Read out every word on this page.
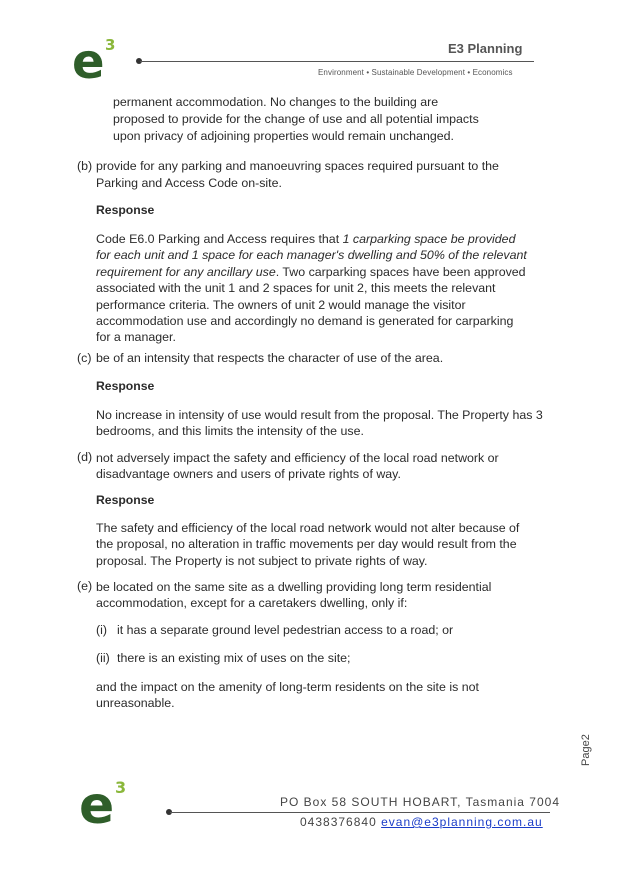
e 3	E3 Planning
Environment • Sustainable Development • Economics
permanent accommodation. No changes to the building are
proposed to provide for the change of use and all potential impacts
upon privacy of adjoining properties would remain unchanged.
(b) provide for any parking and manoeuvring spaces required pursuant to the
Parking and Access Code on-site.
Response
Code E6.0 Parking and Access requires that 1 carparking space be provided
for each unit and 1 space for each manager's dwelling and 50% of the relevant
requirement for any ancillary use. Two carparking spaces have been approved
associated with the unit 1 and 2 spaces for unit 2, this meets the relevant
performance criteria. The owners of unit 2 would manage the visitor
accommodation use and accordingly no demand is generated for carparking
for a manager.
(c) be of an intensity that respects the character of use of the area.
Response
No increase in intensity of use would result from the proposal. The Property has 3
bedrooms, and this limits the intensity of the use.
(d) not adversely impact the safety and efficiency of the local road network or
disadvantage owners and users of private rights of way.
Response
The safety and efficiency of the local road network would not alter because of
the proposal, no alteration in traffic movements per day would result from the
proposal. The Property is not subject to private rights of way.
(e) be located on the same site as a dwelling providing long term residential
accommodation, except for a caretakers dwelling, only if:
(i) it has a separate ground level pedestrian access to a road; or
(ii) there is an existing mix of uses on the site;
and the impact on the amenity of long-term residents on the site is not
unreasonable.
Page2
e 3
PO Box 58 SOUTH HOBART, Tasmania 7004
0438376840 evan@e3planning.com.au
